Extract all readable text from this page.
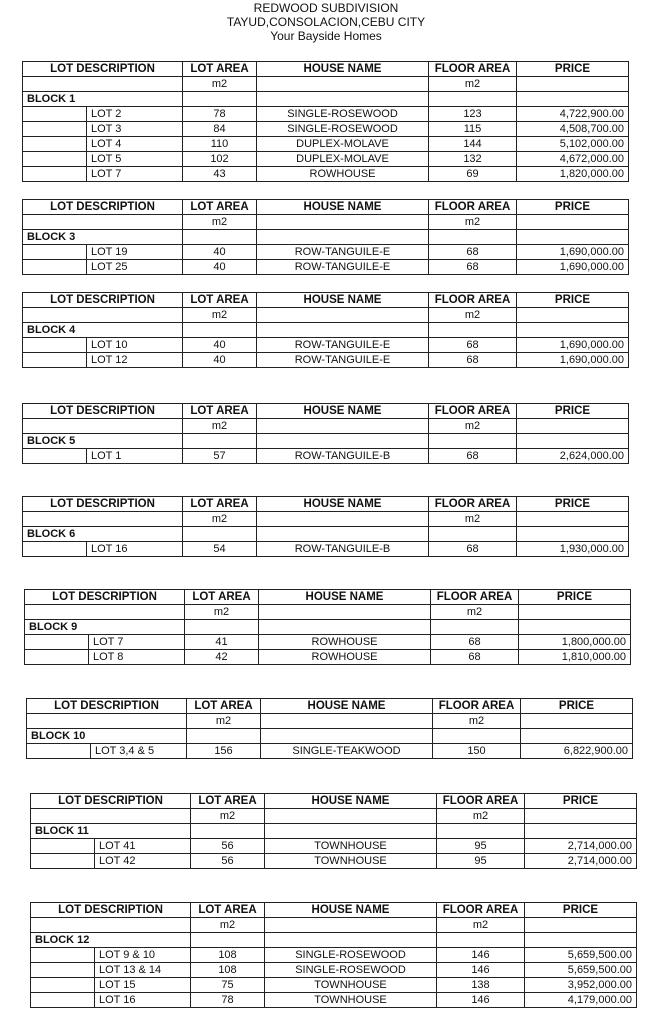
REDWOOD SUBDIVISION
TAYUD,CONSOLACION,CEBU CITY
Your Bayside Homes
LOT DESCRIPTION		LOT AREA	HOUSE NAME	FLOOR AREA	PRICE
		m2		m2	
BLOCK 1					
	LOT 2	78	SINGLE-ROSEWOOD	123	4,722,900.00
	LOT 3	84	SINGLE-ROSEWOOD	115	4,508,700.00
	LOT 4	110	DUPLEX-MOLAVE	144	5,102,000.00
	LOT 5	102	DUPLEX-MOLAVE	132	4,672,000.00
	LOT 7	43	ROWHOUSE	69	1,820,000.00
LOT DESCRIPTION		LOT AREA	HOUSE NAME	FLOOR AREA	PRICE
		m2		m2	
BLOCK 3					
	LOT 19	40	ROW-TANGUILE-E	68	1,690,000.00
	LOT 25	40	ROW-TANGUILE-E	68	1,690,000.00
LOT DESCRIPTION		LOT AREA	HOUSE NAME	FLOOR AREA	PRICE
		m2		m2	
BLOCK 4					
	LOT 10	40	ROW-TANGUILE-E	68	1,690,000.00
	LOT 12	40	ROW-TANGUILE-E	68	1,690,000.00
LOT DESCRIPTION		LOT AREA	HOUSE NAME	FLOOR AREA	PRICE
		m2		m2	
BLOCK 5					
	LOT 1	57	ROW-TANGUILE-B	68	2,624,000.00
LOT DESCRIPTION		LOT AREA	HOUSE NAME	FLOOR AREA	PRICE
		m2		m2	
BLOCK 6					
	LOT 16	54	ROW-TANGUILE-B	68	1,930,000.00
LOT DESCRIPTION		LOT AREA	HOUSE NAME	FLOOR AREA	PRICE
		m2		m2	
BLOCK 9					
	LOT 7	41	ROWHOUSE	68	1,800,000.00
	LOT 8	42	ROWHOUSE	68	1,810,000.00
LOT DESCRIPTION		LOT AREA	HOUSE NAME	FLOOR AREA	PRICE
		m2		m2	
BLOCK 10					
	LOT 3,4 & 5	156	SINGLE-TEAKWOOD	150	6,822,900.00
LOT DESCRIPTION		LOT AREA	HOUSE NAME	FLOOR AREA	PRICE
		m2		m2	
BLOCK 11					
	LOT 41	56	TOWNHOUSE	95	2,714,000.00
	LOT 42	56	TOWNHOUSE	95	2,714,000.00
LOT DESCRIPTION		LOT AREA	HOUSE NAME	FLOOR AREA	PRICE
		m2		m2	
BLOCK 12					
	LOT 9 & 10	108	SINGLE-ROSEWOOD	146	5,659,500.00
	LOT 13 & 14	108	SINGLE-ROSEWOOD	146	5,659,500.00
	LOT 15	75	TOWNHOUSE	138	3,952,000.00
	LOT 16	78	TOWNHOUSE	146	4,179,000.00
